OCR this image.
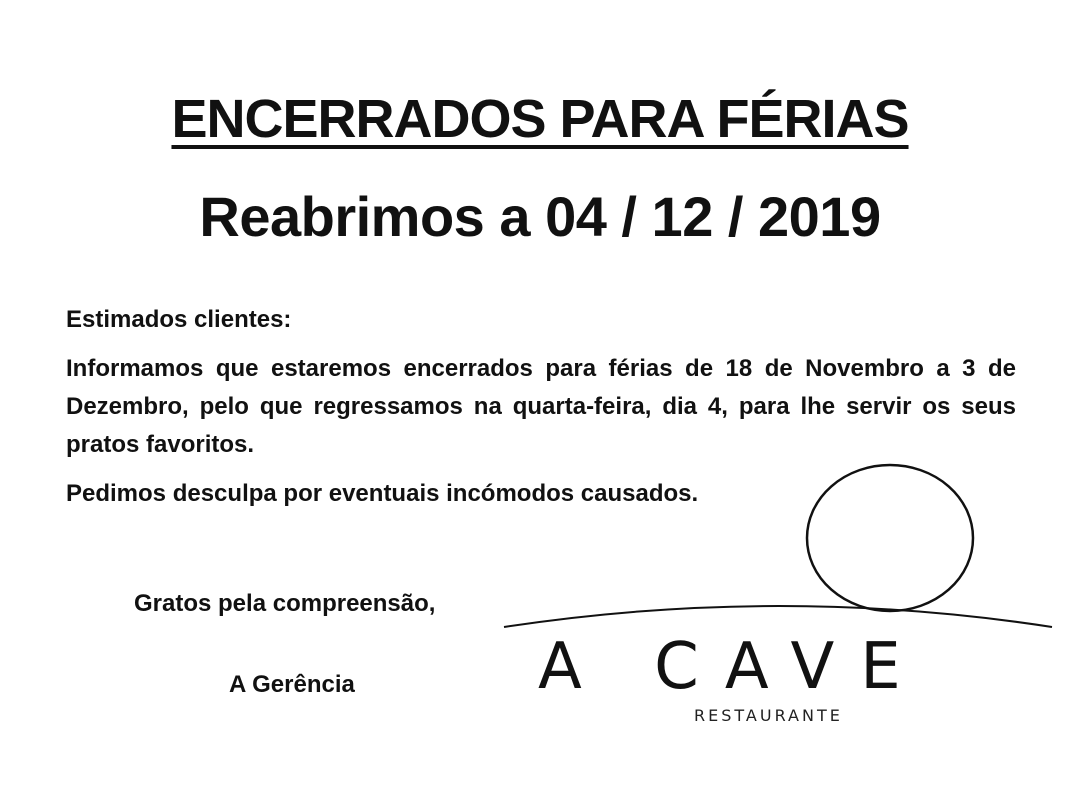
ENCERRADOS PARA FÉRIAS
Reabrimos a 04 / 12 / 2019
Estimados clientes:
Informamos que estaremos encerrados para férias de 18 de Novembro a 3 de Dezembro, pelo que regressamos na quarta-feira, dia 4, para lhe servir os seus pratos favoritos.
Pedimos desculpa por eventuais incómodos causados.
Gratos pela compreensão,
A Gerência	A CAVE
RESTAURANTE
